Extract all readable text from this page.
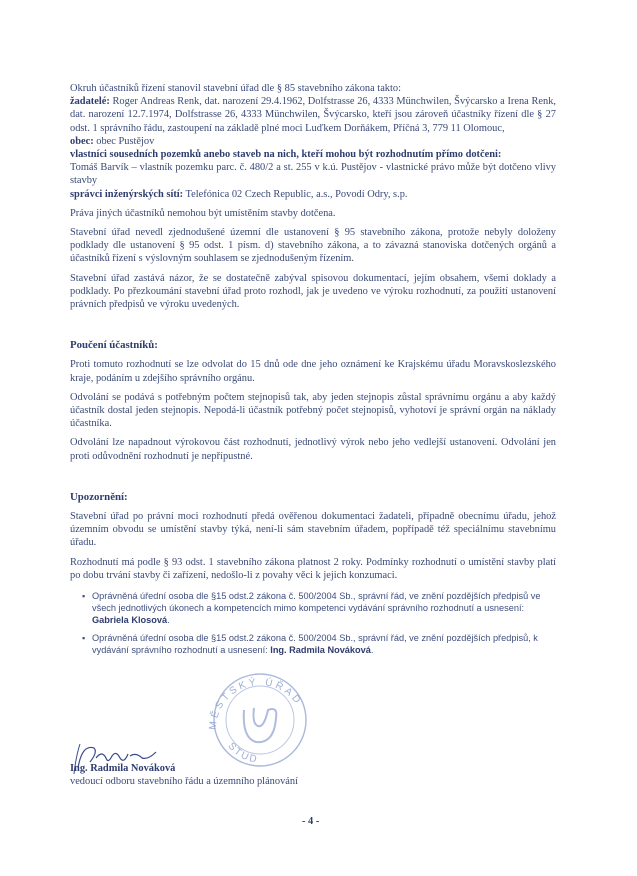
Okruh účastníků řízení stanovil stavební úřad dle § 85 stavebního zákona takto:

žadatelé: Roger Andreas Renk, dat. narození 29.4.1962, Dolfstrasse 26, 4333 Münchwilen, Švýcarsko a Irena Renk, dat. narození 12.7.1974, Dolfstrasse 26, 4333 Münchwilen, Švýcarsko, kteří jsou zároveň účastníky řízení dle § 27 odst. 1 správního řádu, zastoupení na základě plné moci Luďkem Dorňákem, Příčná 3, 779 11 Olomouc,

obec: obec Pustějov

vlastníci sousedních pozemků anebo staveb na nich, kteří mohou být rozhodnutím přímo dotčeni:

Tomáš Barvík – vlastník pozemku parc. č. 480/2 a st. 255 v k.ú. Pustějov - vlastnické právo může být dotčeno vlivy stavby

správci inženýrských sítí: Telefónica 02 Czech Republic, a.s., Povodí Odry, s.p.

Práva jiných účastníků nemohou být umístěním stavby dotčena.

Stavební úřad nevedl zjednodušené územní dle ustanovení § 95 stavebního zákona, protože nebyly doloženy podklady dle ustanovení § 95 odst. 1 písm. d) stavebního zákona, a to závazná stanoviska dotčených orgánů a účastníků řízení s výslovným souhlasem se zjednodušeným řízením.

Stavební úřad zastává názor, že se dostatečně zabýval spisovou dokumentací, jejím obsahem, všemi doklady a podklady. Po přezkoumání stavební úřad proto rozhodl, jak je uvedeno ve výroku rozhodnutí, za použití ustanovení právních předpisů ve výroku uvedených.

Poučení účastníků:

Proti tomuto rozhodnutí se lze odvolat do 15 dnů ode dne jeho oznámení ke Krajskému úřadu Moravskoslezského kraje, podáním u zdejšího správního orgánu.

Odvolání se podává s potřebným počtem stejnopisů tak, aby jeden stejnopis zůstal správnímu orgánu a aby každý účastník dostal jeden stejnopis. Nepodá-li účastník potřebný počet stejnopisů, vyhotoví je správní orgán na náklady účastníka.

Odvolání lze napadnout výrokovou část rozhodnutí, jednotlivý výrok nebo jeho vedlejší ustanovení. Odvolání jen proti odůvodnění rozhodnutí je nepřípustné.

Upozornění:

Stavební úřad po právní moci rozhodnutí předá ověřenou dokumentaci žadateli, případně obecnímu úřadu, jehož územním obvodu se umístění stavby týká, není-li sám stavebním úřadem, popřípadě též speciálnímu stavebnímu úřadu.

Rozhodnutí má podle § 93 odst. 1 stavebního zákona platnost 2 roky. Podmínky rozhodnutí o umístění stavby platí po dobu trvání stavby či zařízení, nedošlo-li z povahy věci k jejich konzumaci.

▪ Oprávněná úřední osoba dle §15 odst.2 zákona č. 500/2004 Sb., správní řád, ve znění pozdějších předpisů ve všech jednotlivých úkonech a kompetencích mimo kompetenci vydávání správního rozhodnutí a usnesení: Gabriela Klosová.
▪ Oprávněná úřední osoba dle §15 odst.2 zákona č. 500/2004 Sb., správní řád, ve znění pozdějších předpisů, k vydávání správního rozhodnutí a usnesení: Ing. Radmila Nováková.
MĚSTSKÝ ÚŘAD
STUD
Ing. Radmila Nováková
vedoucí odboru stavebního řádu a územního plánování
- 4 -
